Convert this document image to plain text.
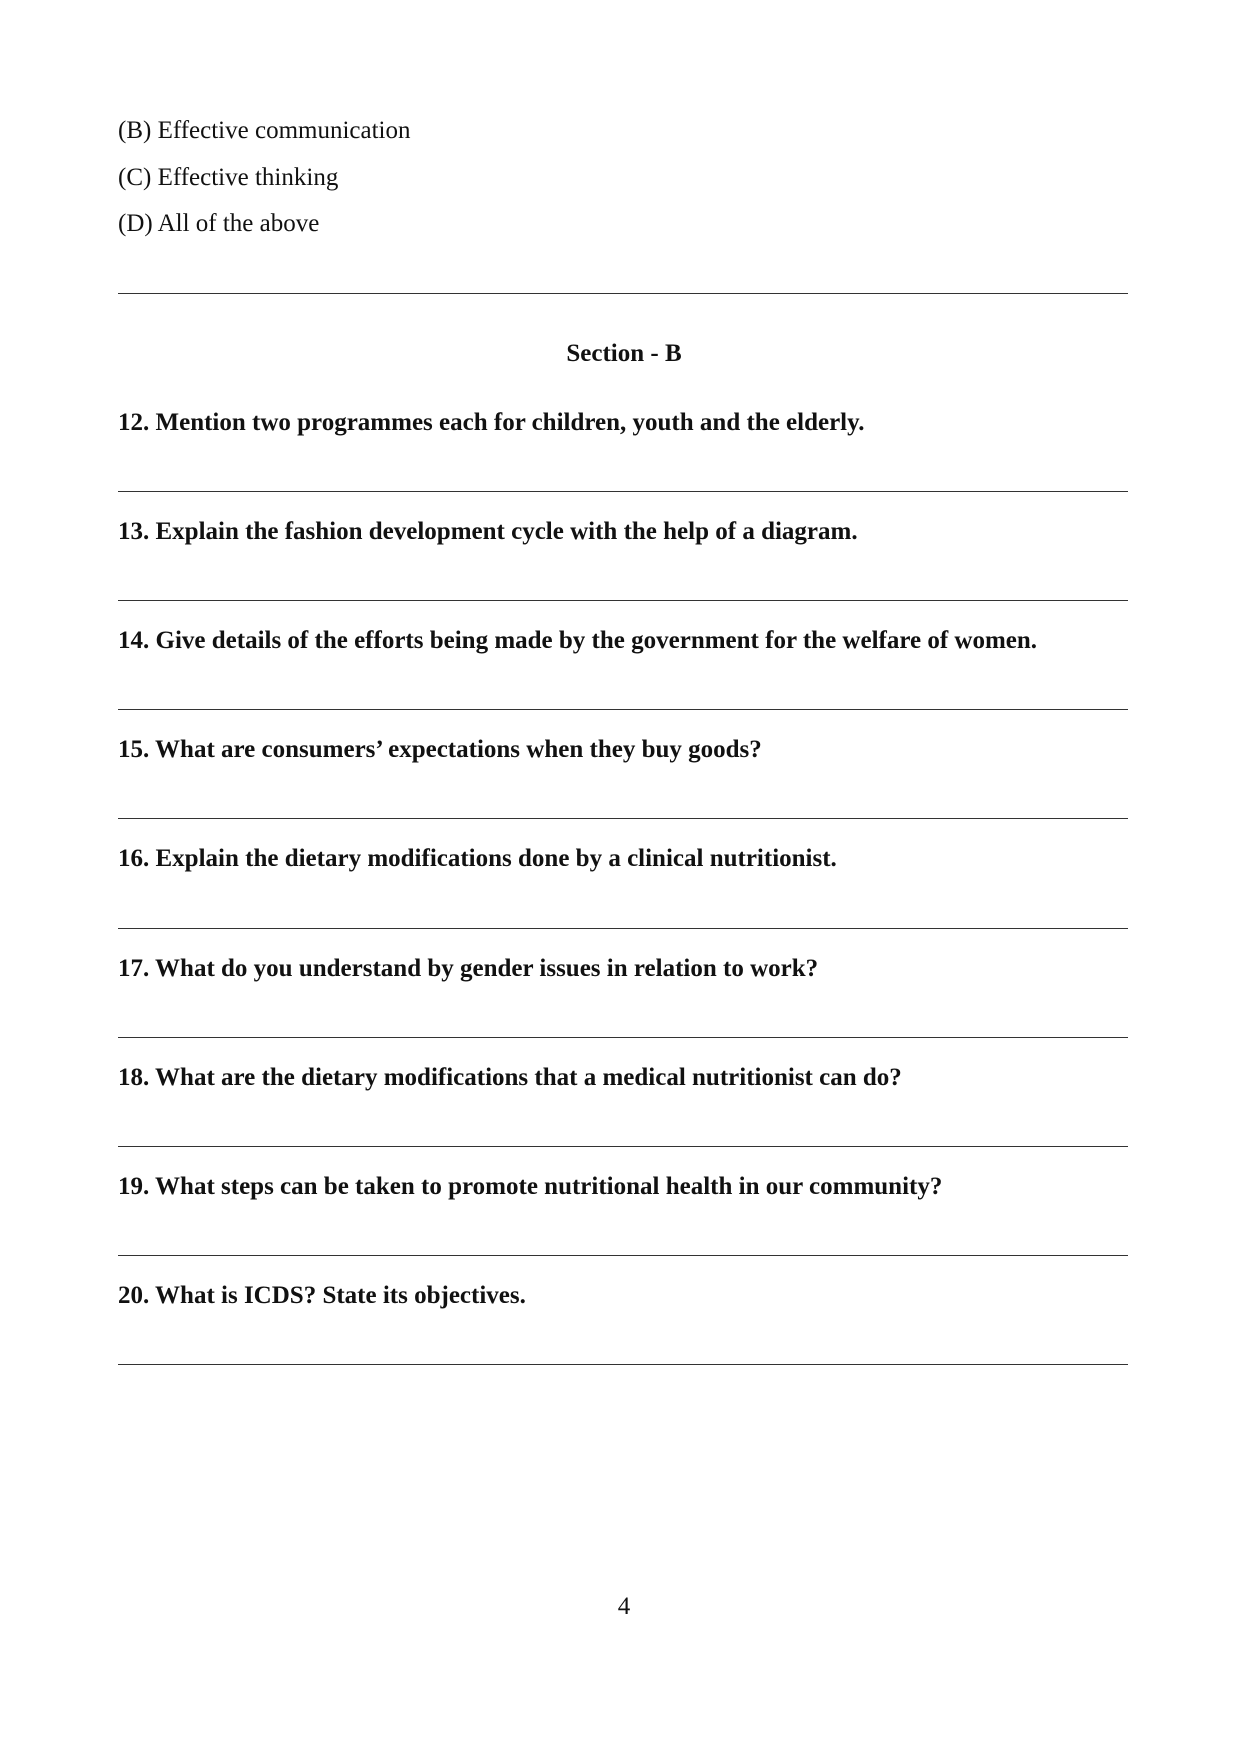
(B) Effective communication
(C) Effective thinking
(D) All of the above
Section - B
12. Mention two programmes each for children, youth and the elderly.
13. Explain the fashion development cycle with the help of a diagram.
14. Give details of the efforts being made by the government for the welfare of women.
15. What are consumers’ expectations when they buy goods?
16. Explain the dietary modifications done by a clinical nutritionist.
17. What do you understand by gender issues in relation to work?
18. What are the dietary modifications that a medical nutritionist can do?
19. What steps can be taken to promote nutritional health in our community?
20. What is ICDS? State its objectives.
4
